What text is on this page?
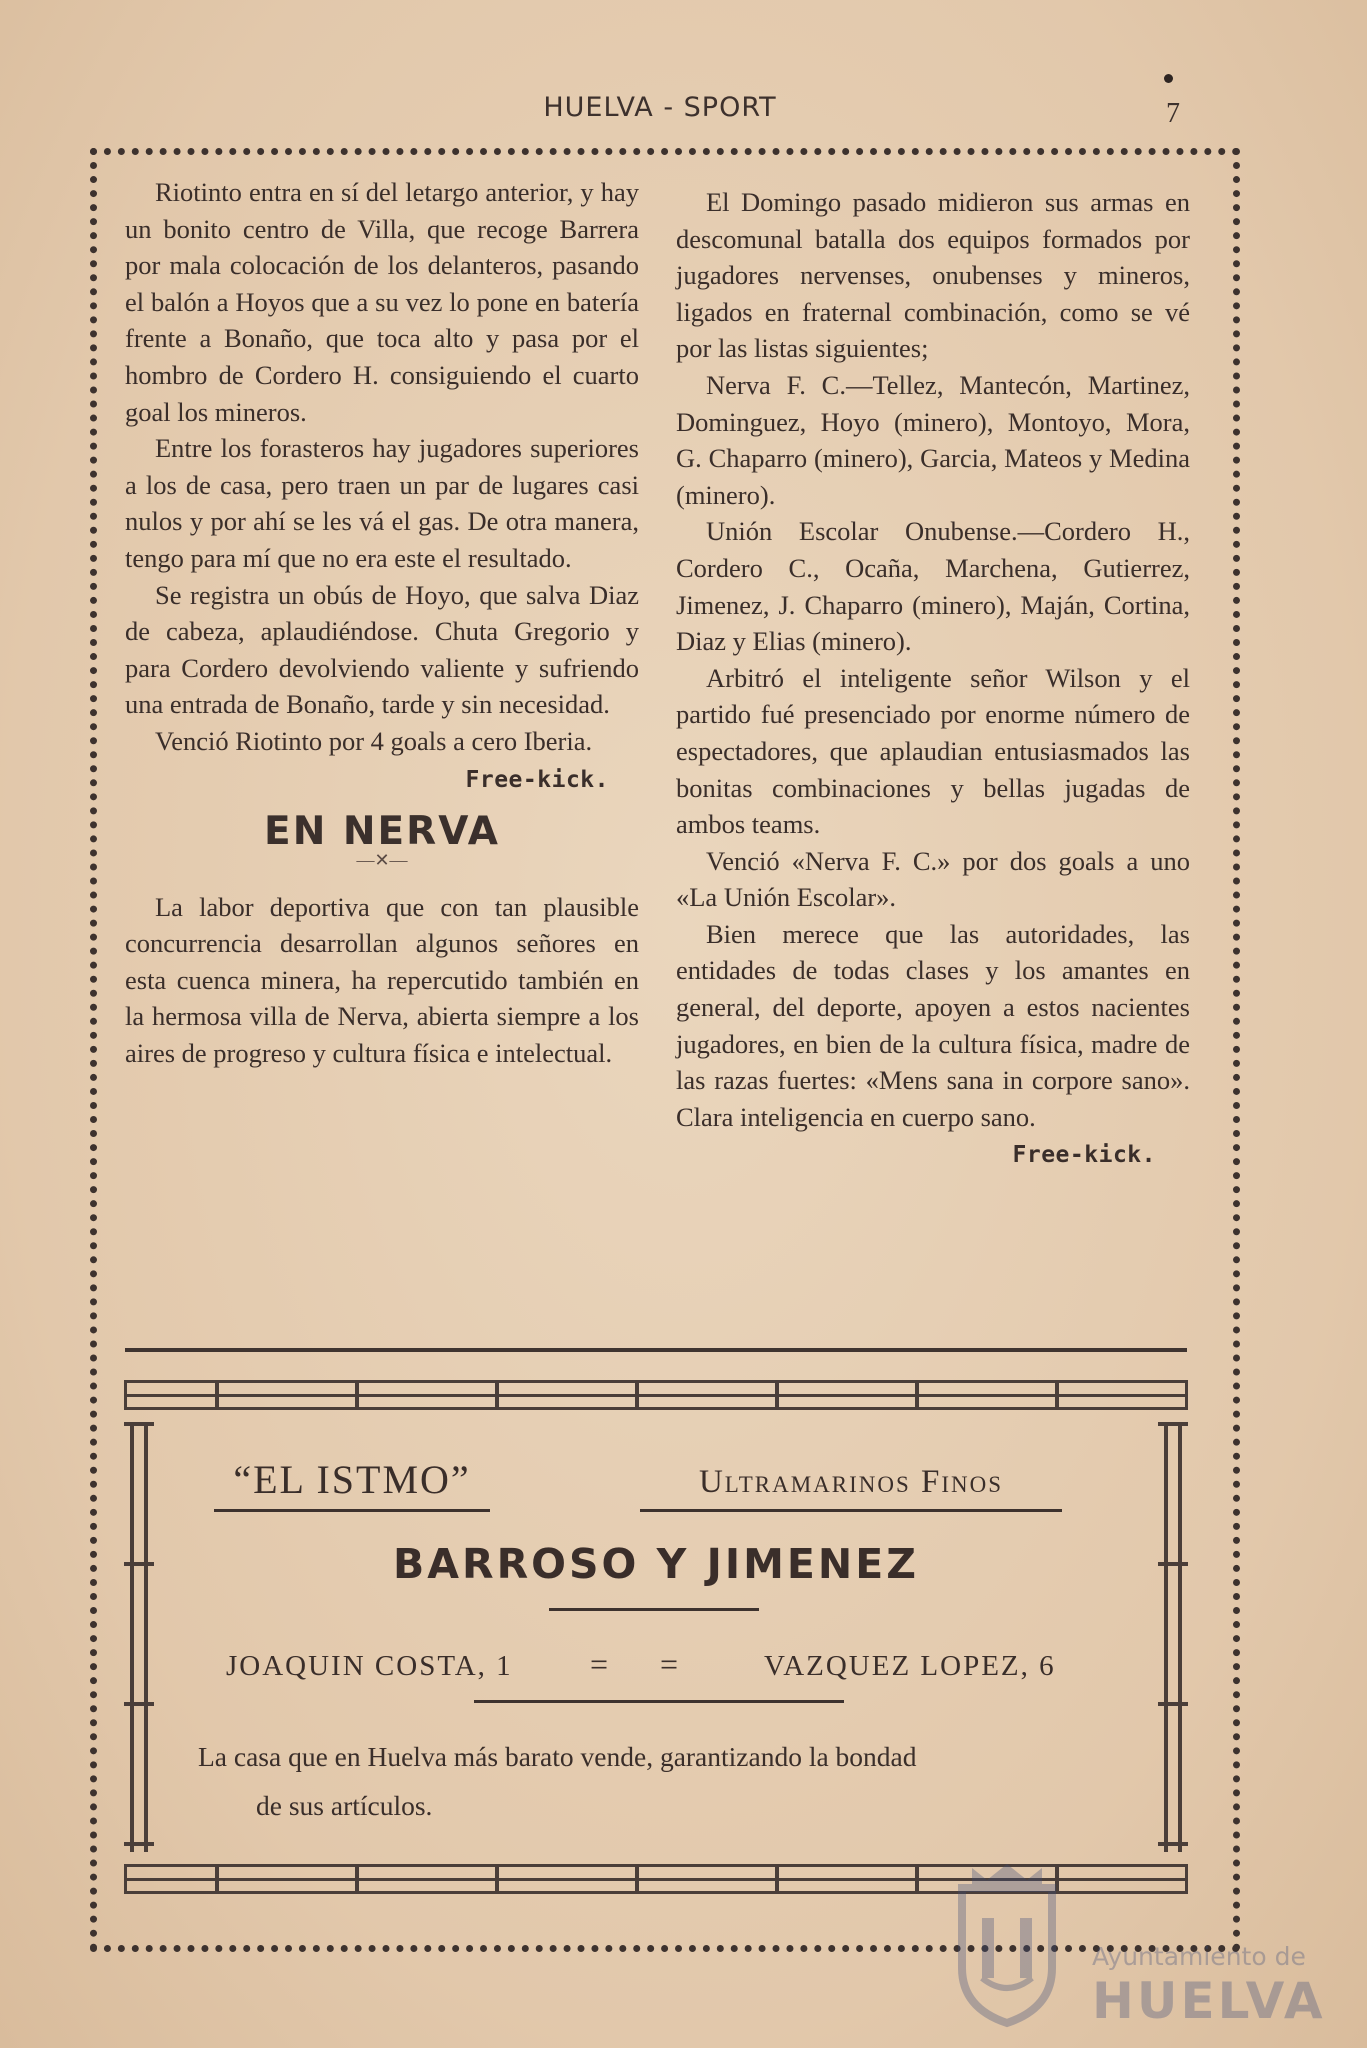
HUELVA - SPORT	7

Riotinto entra en sí del letargo anterior, y hay un bonito centro de Villa, que recoge Barrera por mala colocación de los delanteros, pasando el balón a Hoyos que a su vez lo pone en batería frente a Bonaño, que toca alto y pasa por el hombro de Cordero H. consiguiendo el cuarto goal los mineros.

Entre los forasteros hay jugadores superiores a los de casa, pero traen un par de lugares casi nulos y por ahí se les vá el gas. De otra manera, tengo para mí que no era este el resultado.

Se registra un obús de Hoyo, que salva Diaz de cabeza, aplaudiéndose. Chuta Gregorio y para Cordero devolviendo valiente y sufriendo una entrada de Bonaño, tarde y sin necesidad.

Venció Riotinto por 4 goals a cero Iberia.

Free-kick.
EN NERVA
—✕—

La labor deportiva que con tan plausible concurrencia desarrollan algunos señores en esta cuenca minera, ha repercutido también en la hermosa villa de Nerva, abierta siempre a los aires de progreso y cultura física e intelectual.

El Domingo pasado midieron sus armas en descomunal batalla dos equipos formados por jugadores nervenses, onubenses y mineros, ligados en fraternal combinación, como se vé por las listas siguientes;

Nerva F. C.—Tellez, Mantecón, Martinez, Dominguez, Hoyo (minero), Montoyo, Mora, G. Chaparro (minero), Garcia, Mateos y Medina (minero).

Unión Escolar Onubense.—Cordero H., Cordero C., Ocaña, Marchena, Gutierrez, Jimenez, J. Chaparro (minero), Maján, Cortina, Diaz y Elias (minero).

Arbitró el inteligente señor Wilson y el partido fué presenciado por enorme número de espectadores, que aplaudian entusiasmados las bonitas combinaciones y bellas jugadas de ambos teams.

Venció «Nerva F. C.» por dos goals a uno «La Unión Escolar».

Bien merece que las autoridades, las entidades de todas clases y los amantes en general, del deporte, apoyen a estos nacientes jugadores, en bien de la cultura física, madre de las razas fuertes: «Mens sana in corpore sano». Clara inteligencia en cuerpo sano.

Free-kick.
“EL ISTMO”	Ultramarinos Finos
BARROSO Y JIMENEZ
JOAQUIN COSTA, 1 = = VAZQUEZ LOPEZ, 6
La casa que en Huelva más barato vende, garantizando la bondad
de sus artículos.
Ayuntamiento de
HUELVA
